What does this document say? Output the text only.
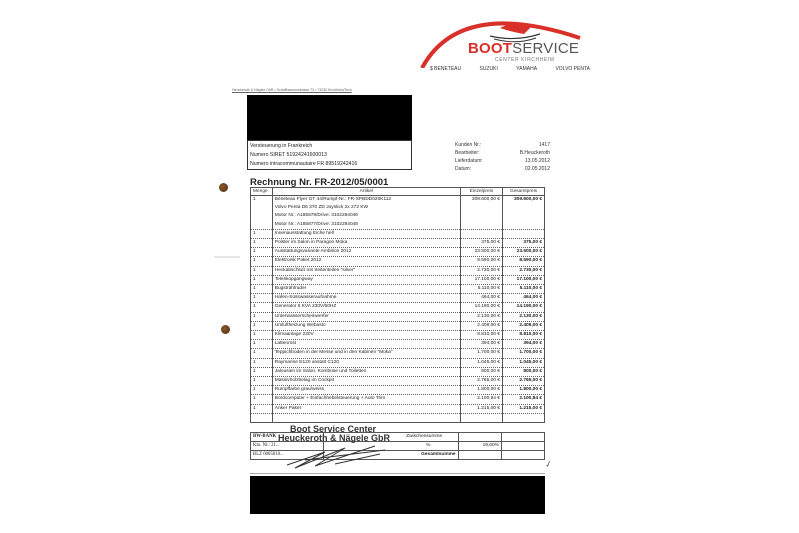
BOOTSERVICE
CENTER KIRCHHEIM
$ BENETEAU	SUZUKI	YAMAHA	VOLVO PENTA
Heuckeroth & Nägele GbR • Schaffhausenstrasse 73 • 73230 Kirchheim/Teck
Versteuerung in Frankreich
Numero SIRET 51924241600013
Numero intracommunautaire FR 89519242416
Kunden Nr.:	1417
Bearbeiter:	B.Heuckeroth
Lieferdatum:	13.05.2012
Datum:	02.05.2012
Rechnung Nr. FR-2012/05/0001
Menge	Artikel	Einzelpreis	Gesamtpreis
1	Bénéteau Flyer GT 44/Rumpf-Nr.: FR-SPBDD020K112	309.600,00 €	309.600,00 €
	Volvo Penta D6 370 ZD Joystick 2x 272 KW		
	Motor Nr.: A185878/Drive: 3102284046		
	Motor Nr.: A185877/Drive: 3102284048		
1	Innenausstattung Eiche hell		
1	Polster im Salon in Paragon Moka	375,00 €	375,00 €
1	Ausstattungsvariante Ambition 2012	23.500,00 €	23.500,00 €
1	Elektronik Paket 2012	8.590,00 €	8.590,00 €
1	Heckabschluß mit Seitenteilen "silver"	2.730,00 €	2.730,00 €
1	Teleskopgangway	17.100,00 €	17.100,00 €
1	Bugstrahlruder	5.110,00 €	5.110,00 €
1	Hafen-Süsswasseraufnahme	464,00 €	464,00 €
1	Generator 6 KVA 230V/50HZ	14.190,00 €	14.190,00 €
1	Unterwasserscheinwerfer	2.130,00 €	2.130,00 €
1	Umluftheizung Webasto	2.409,00 €	2.409,00 €
1	Klimaanlage 230V	8.810,00 €	8.810,00 €
1	Lattenrost	394,00 €	394,00 €
1	Teppichboden in der Messe und in den Kabinen "Moka"	1.700,00 €	1.700,00 €
1	Raymarine E120 anstatt C120	1.045,00 €	1.045,00 €
1	Jalousien im Salon, Kombüse und Toiletten	800,00 €	800,00 €
1	Massivholzbelag im Cockpit	2.765,00 €	2.765,00 €
1	Rumpffarbe grau/weiss	1.800,00 €	1.800,00 €
1	Bordcomputer + Einfachhebelsteuerung + Auto Trim	2.100,84 €	2.100,84 €
1	Anker Paket	1.215,00 €	1.215,00 €

Boot Service Center
BW-BANK	Zwischensumme		
Kto. Nr.: 21...	%	19,60%	
BLZ 6005010...	Gesamtsumme		
Heuckeroth & Nägele GbR
✓
